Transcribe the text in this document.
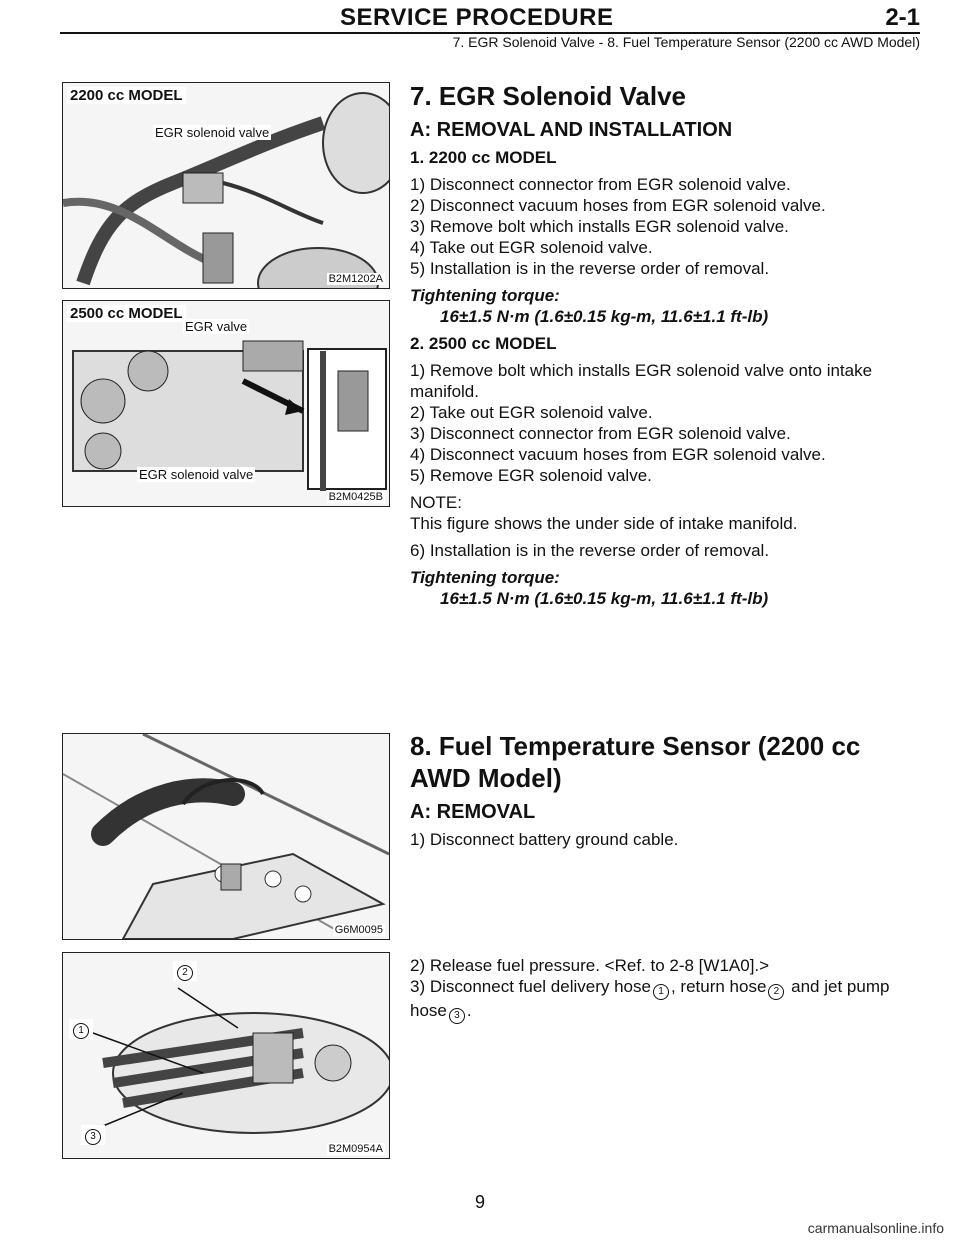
SERVICE PROCEDURE	2-1
7. EGR Solenoid Valve - 8. Fuel Temperature Sensor (2200 cc AWD Model)
2200 cc MODEL
EGR solenoid valve
B2M1202A
2500 cc MODEL
EGR valve
EGR solenoid valve
B2M0425B
G6M0095
2
1
3
B2M0954A
7. EGR Solenoid Valve
A: REMOVAL AND INSTALLATION
1. 2200 cc MODEL

1) Disconnect connector from EGR solenoid valve.

2) Disconnect vacuum hoses from EGR solenoid valve.

3) Remove bolt which installs EGR solenoid valve.

4) Take out EGR solenoid valve.

5) Installation is in the reverse order of removal.

Tightening torque:
16±1.5 N·m (1.6±0.15 kg-m, 11.6±1.1 ft-lb)
2. 2500 cc MODEL

1) Remove bolt which installs EGR solenoid valve onto intake manifold.

2) Take out EGR solenoid valve.

3) Disconnect connector from EGR solenoid valve.

4) Disconnect vacuum hoses from EGR solenoid valve.

5) Remove EGR solenoid valve.

NOTE:

This figure shows the under side of intake manifold.

6) Installation is in the reverse order of removal.

Tightening torque:
16±1.5 N·m (1.6±0.15 kg-m, 11.6±1.1 ft-lb)
8. Fuel Temperature Sensor (2200 cc AWD Model)
A: REMOVAL

1) Disconnect battery ground cable.

2) Release fuel pressure. <Ref. to 2-8 [W1A0].>

3) Disconnect fuel delivery hose 1 , return hose 2 and jet pump hose 3 .

9
carmanualsonline.info
